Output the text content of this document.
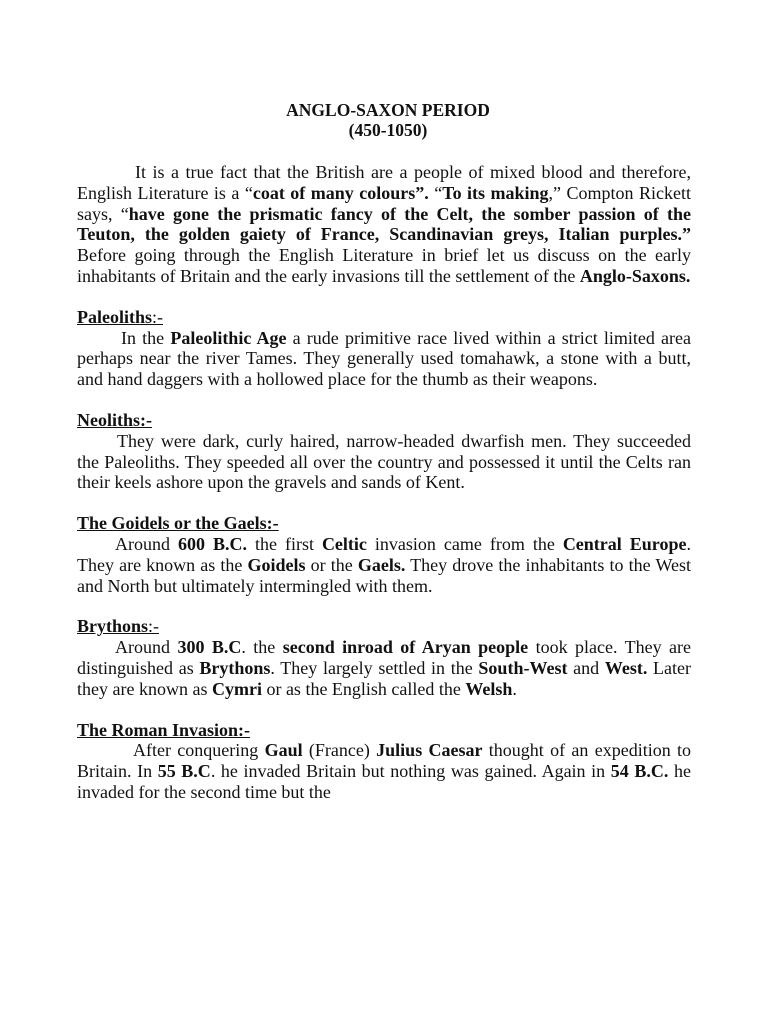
ANGLO-SAXON PERIOD
(450-1050)

It is a true fact that the British are a people of mixed blood and therefore, English Literature is a “coat of many colours”. “To its making,” Compton Rickett says, “have gone the prismatic fancy of the Celt, the somber passion of the Teuton, the golden gaiety of France, Scandinavian greys, Italian purples.” Before going through the English Literature in brief let us discuss on the early inhabitants of Britain and the early invasions till the settlement of the Anglo-Saxons.

Paleoliths:-

In the Paleolithic Age a rude primitive race lived within a strict limited area perhaps near the river Tames. They generally used tomahawk, a stone with a butt, and hand daggers with a hollowed place for the thumb as their weapons.

Neoliths:-

They were dark, curly haired, narrow-headed dwarfish men. They succeeded the Paleoliths. They speeded all over the country and possessed it until the Celts ran their keels ashore upon the gravels and sands of Kent.

The Goidels or the Gaels:-

Around 600 B.C. the first Celtic invasion came from the Central Europe. They are known as the Goidels or the Gaels. They drove the inhabitants to the West and North but ultimately intermingled with them.

Brythons:-

Around 300 B.C. the second inroad of Aryan people took place. They are distinguished as Brythons. They largely settled in the South-West and West. Later they are known as Cymri or as the English called the Welsh.

The Roman Invasion:-

After conquering Gaul (France) Julius Caesar thought of an expedition to Britain. In 55 B.C. he invaded Britain but nothing was gained. Again in 54 B.C. he invaded for the second time but the
